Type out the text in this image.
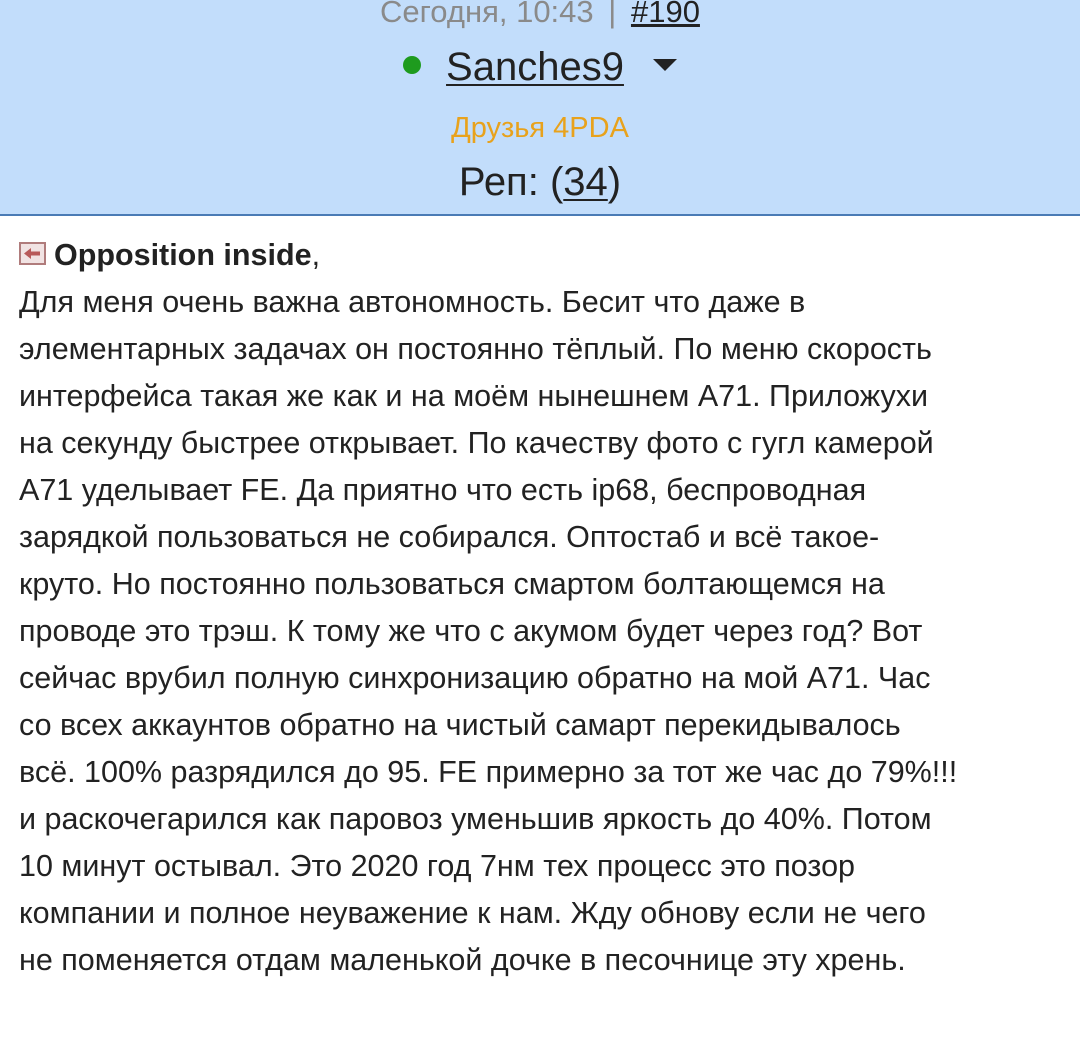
Сегодня, 10:43 | #190
Sanches9
Друзья 4PDA
Реп: (34)
Opposition inside,
Для меня очень важна автономность. Бесит что даже в
элементарных задачах он постоянно тёплый. По меню скорость
интерфейса такая же как и на моём нынешнем А71. Приложухи
на секунду быстрее открывает. По качеству фото с гугл камерой
А71 уделывает FE. Да приятно что есть ip68, беспроводная
зарядкой пользоваться не собирался. Оптостаб и всё такое-
круто. Но постоянно пользоваться смартом болтающемся на
проводе это трэш. К тому же что с акумом будет через год? Вот
сейчас врубил полную синхронизацию обратно на мой А71. Час
со всех аккаунтов обратно на чистый самарт перекидывалось
всё. 100% разрядился до 95. FE примерно за тот же час до 79%!!!
и раскочегарился как паровоз уменьшив яркость до 40%. Потом
10 минут остывал. Это 2020 год 7нм тех процесс это позор
компании и полное неуважение к нам. Жду обнову если не чего
не поменяется отдам маленькой дочке в песочнице эту хрень.
